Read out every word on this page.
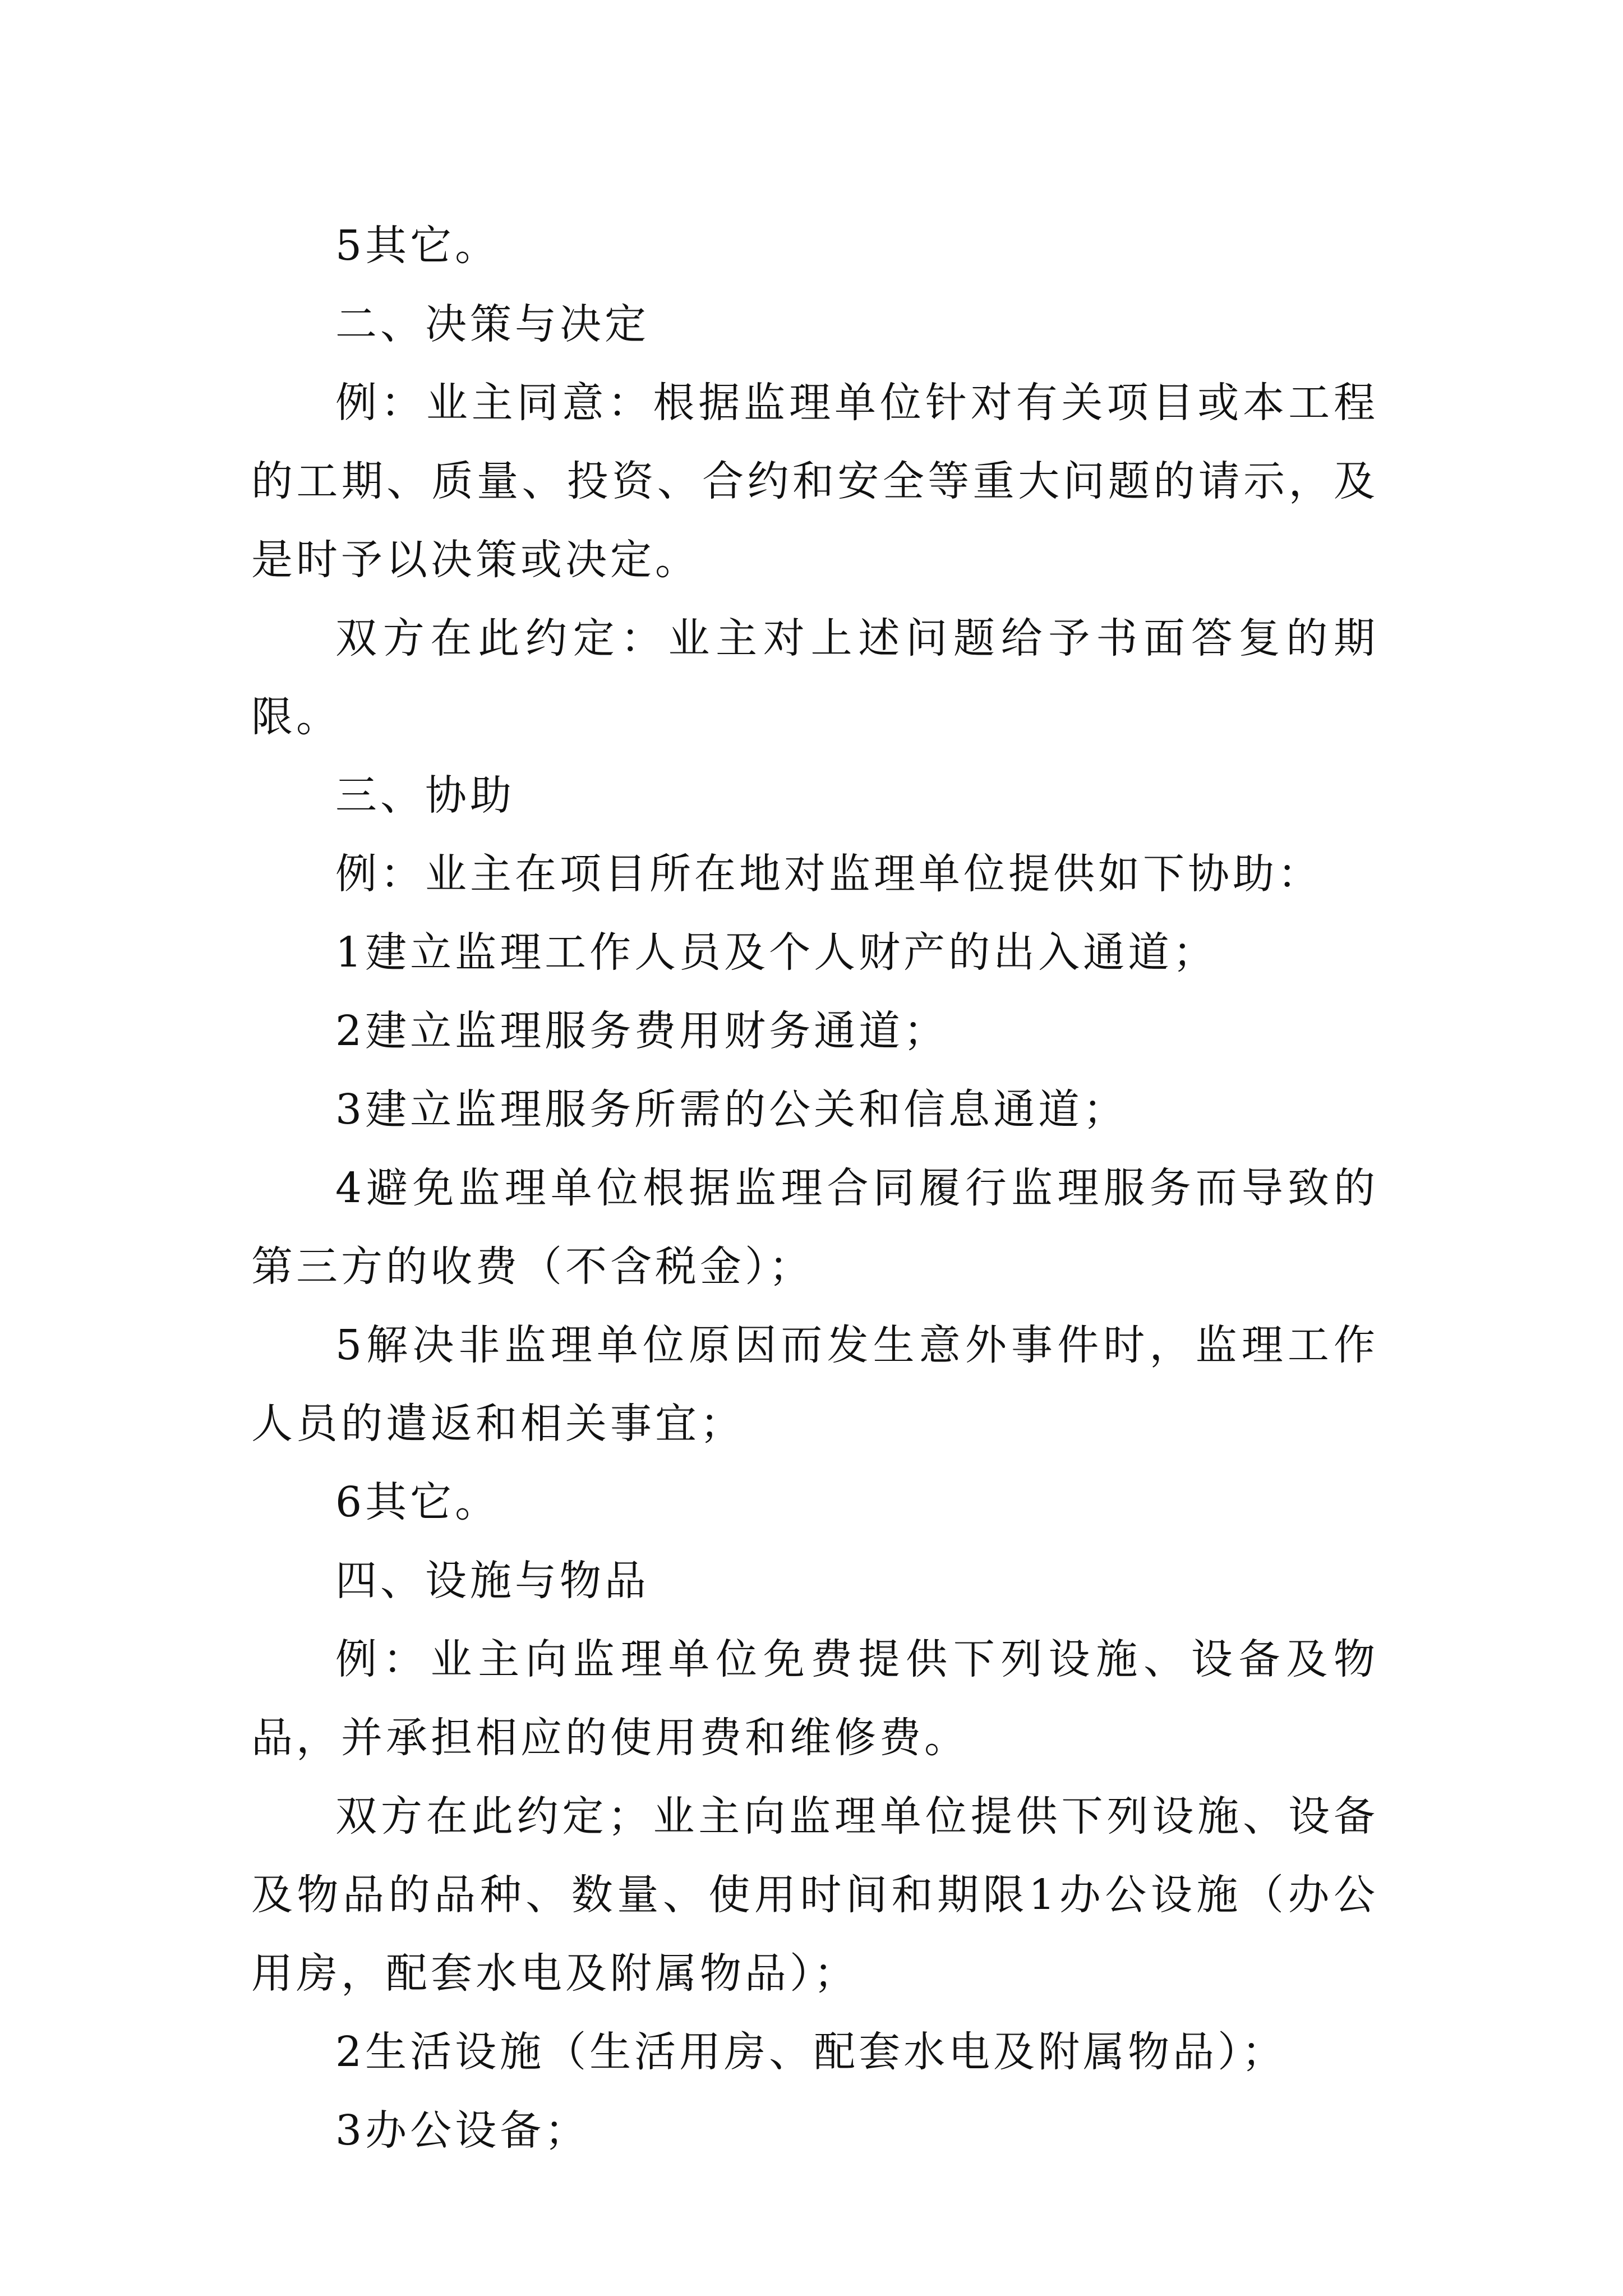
5其它。

二、决策与决定

例：业主同意：根据监理单位针对有关项目或本工程的工期、质量、投资、合约和安全等重大问题的请示，及是时予以决策或决定。

双方在此约定：业主对上述问题给予书面答复的期限。

三、协助

例：业主在项目所在地对监理单位提供如下协助：

1建立监理工作人员及个人财产的出入通道；

2建立监理服务费用财务通道；

3建立监理服务所需的公关和信息通道；

4避免监理单位根据监理合同履行监理服务而导致的第三方的收费（不含税金）；

5解决非监理单位原因而发生意外事件时，监理工作人员的遣返和相关事宜；

6其它。

四、设施与物品

例：业主向监理单位免费提供下列设施、设备及物品，并承担相应的使用费和维修费。

双方在此约定；业主向监理单位提供下列设施、设备及物品的品种、数量、使用时间和期限1办公设施（办公用房，配套水电及附属物品）；

2生活设施（生活用房、配套水电及附属物品）；

3办公设备；
